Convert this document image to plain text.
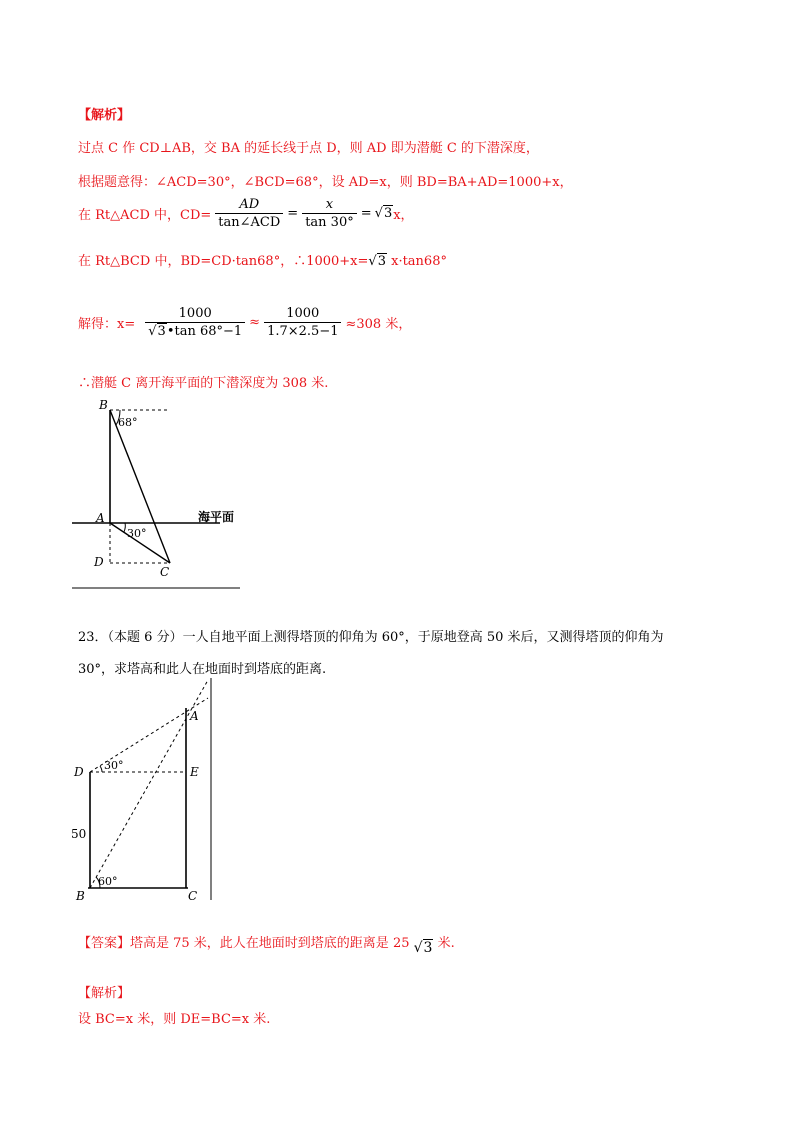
【解析】
过点 C 作 CD⊥AB，交 BA 的延长线于点 D，则 AD 即为潜艇 C 的下潜深度，
根据题意得：∠ACD=30°，∠BCD=68°，设 AD=x，则 BD=BA+AD=1000+x，
在 Rt△ACD 中，$CD= \frac{AD}{\text{tan∠ACD}} = \frac{x}{\tan 30^\circ} = √3$ x，
在 Rt△BCD 中，BD=CD·tan68°，∴1000+x=√3 x·tan68°
解得：$x= \frac{1000}{√3•\tan 68^\circ-1} \approx \frac{1000}{1.7\times 2.5-1} \approx 308$ 米，
∴潜艇 C 离开海平面的下潜深度为 308 米.
B
68°
A
30°
海平面
D
C
23．（本题 6 分）一人自地平面上测得塔顶的仰角为 60°，于原地登高 50 米后，又测得塔顶的仰角为
30°，求塔高和此人在地面时到塔底的距离.
A
D 30°	E
50
60°
B	C
【答案】塔高是 75 米，此人在地面时到塔底的距离是 25 √3 米.
【解析】
设 BC=x 米，则 DE=BC=x 米.
